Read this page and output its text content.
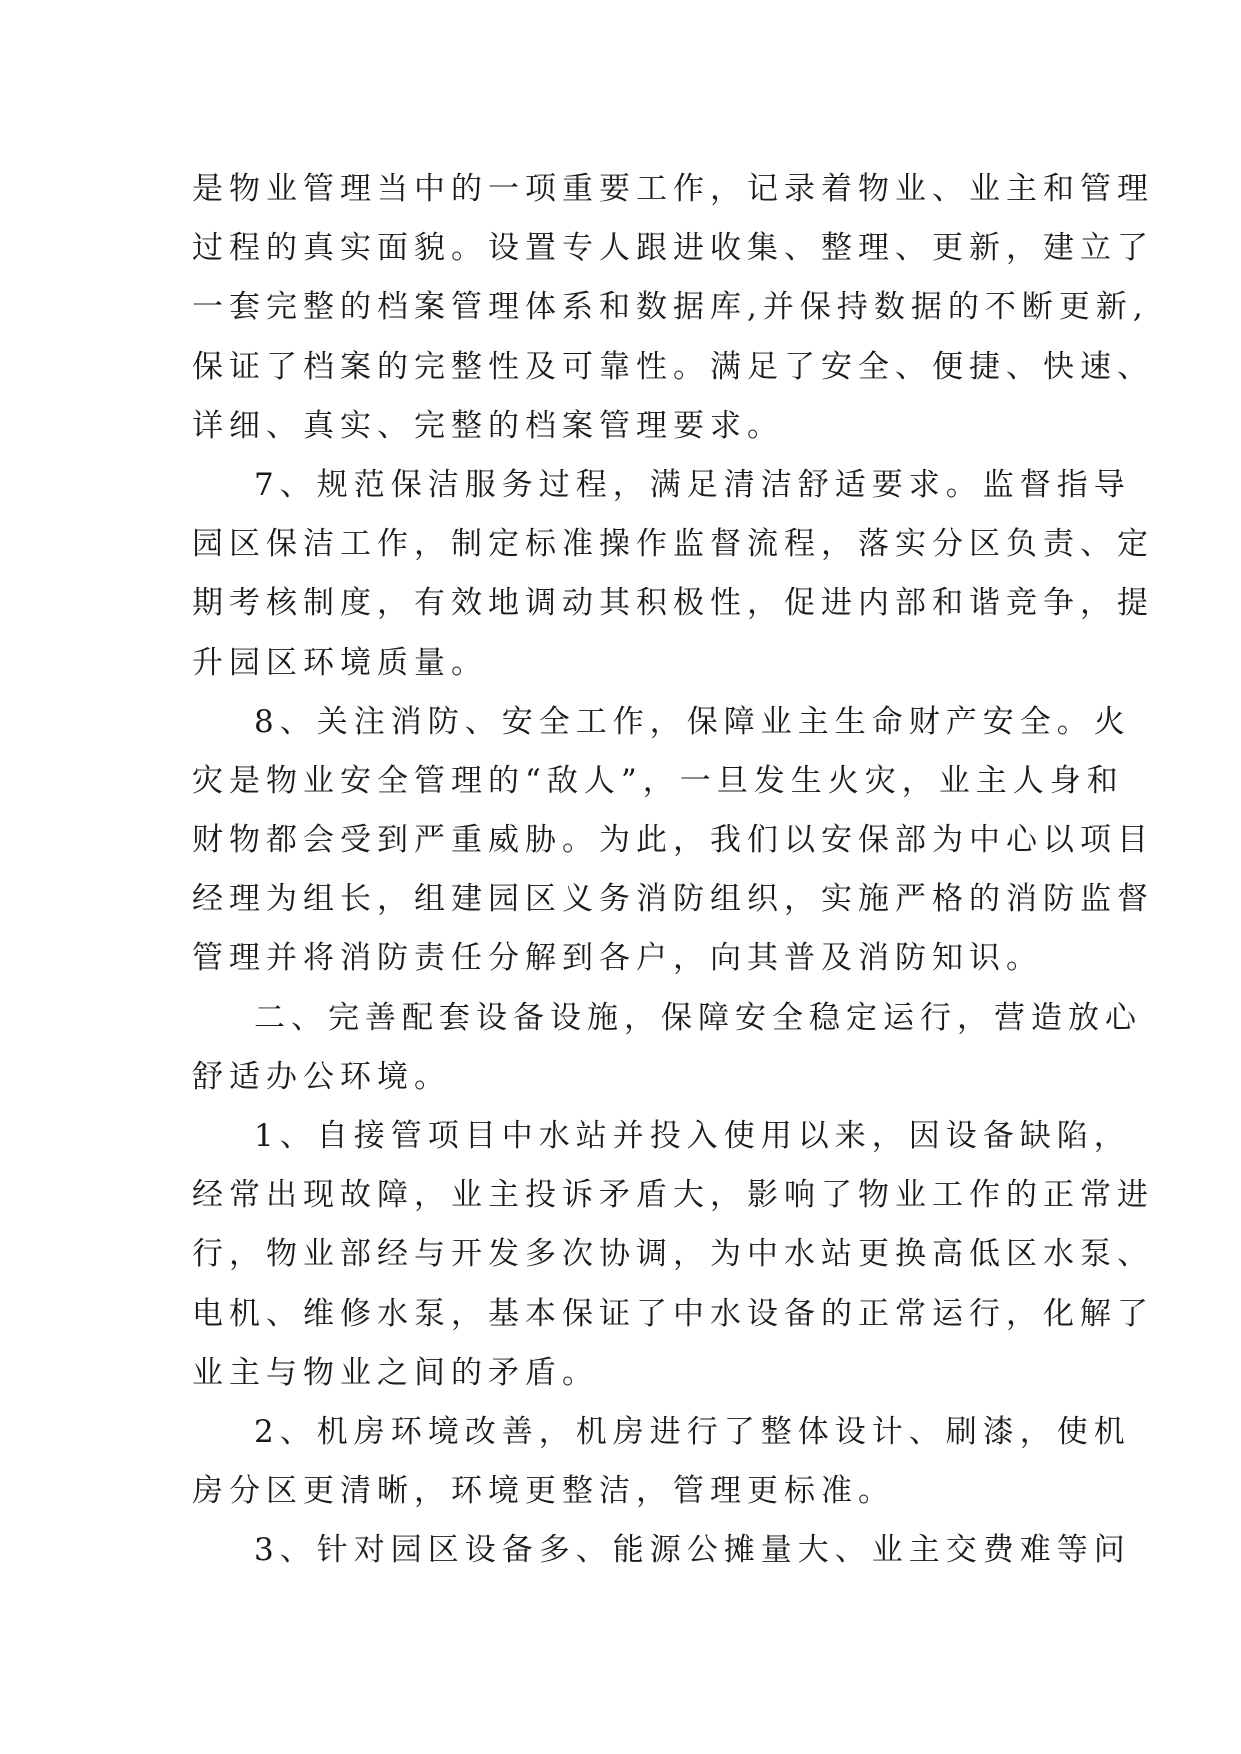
是物业管理当中的一项重要工作，记录着物业、业主和管理
过程的真实面貌。设置专人跟进收集、整理、更新，建立了
一套完整的档案管理体系和数据库,并保持数据的不断更新,
保证了档案的完整性及可靠性。满足了安全、便捷、快速、
详细、真实、完整的档案管理要求。
7、规范保洁服务过程，满足清洁舒适要求。监督指导
园区保洁工作，制定标准操作监督流程，落实分区负责、定
期考核制度，有效地调动其积极性，促进内部和谐竞争，提
升园区环境质量。
8、关注消防、安全工作，保障业主生命财产安全。火
灾是物业安全管理的“敌人”，一旦发生火灾，业主人身和
财物都会受到严重威胁。为此，我们以安保部为中心以项目
经理为组长，组建园区义务消防组织，实施严格的消防监督
管理并将消防责任分解到各户，向其普及消防知识。
二、完善配套设备设施，保障安全稳定运行，营造放心
舒适办公环境。
1、自接管项目中水站并投入使用以来，因设备缺陷，
经常出现故障，业主投诉矛盾大，影响了物业工作的正常进
行，物业部经与开发多次协调，为中水站更换高低区水泵、
电机、维修水泵，基本保证了中水设备的正常运行，化解了
业主与物业之间的矛盾。
2、机房环境改善，机房进行了整体设计、刷漆，使机
房分区更清晰，环境更整洁，管理更标准。
3、针对园区设备多、能源公摊量大、业主交费难等问
